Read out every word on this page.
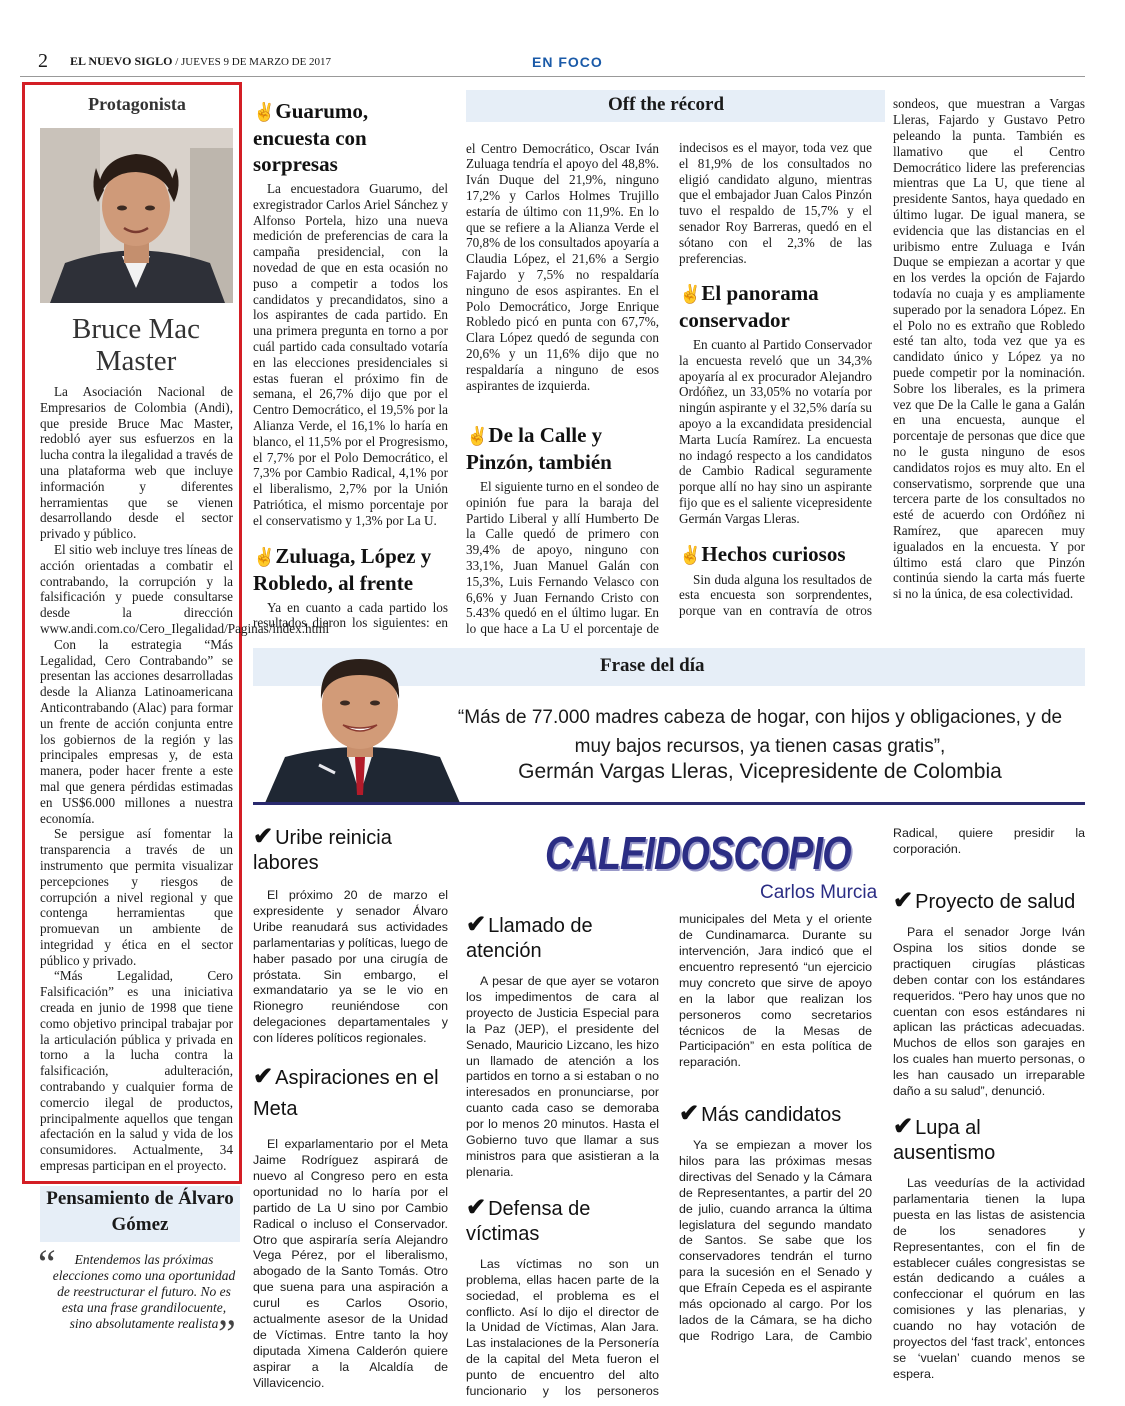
2 EL NUEVO SIGLO / JUEVES 9 DE MARZO DE 2017	EN FOCO
Protagonista
Bruce Mac Master

La Asociación Nacional de Empresarios de Colombia (Andi), que preside Bruce Mac Master, redobló ayer sus esfuerzos en la lucha contra la ilegalidad a través de una plataforma web que incluye información y diferentes herramientas que se vienen desarrollando desde el sector privado y público.

El sitio web incluye tres líneas de acción orientadas a combatir el contrabando, la corrupción y la falsificación y puede consultarse desde la dirección www.andi.com.co/Cero_Ilegalidad/Paginas/index.html

Con la estrategia “Más Legalidad, Cero Contrabando” se presentan las acciones desarrolladas desde la Alianza Latinoamericana Anticontrabando (Alac) para formar un frente de acción conjunta entre los gobiernos de la región y las principales empresas y, de esta manera, poder hacer frente a este mal que genera pérdidas estimadas en US$6.000 millones a nuestra economía.

Se persigue así fomentar la transparencia a través de un instrumento que permita visualizar percepciones y riesgos de corrupción a nivel regional y que contenga herramientas que promuevan un ambiente de integridad y ética en el sector público y privado.

“Más Legalidad, Cero Falsificación” es una iniciativa creada en junio de 1998 que tiene como objetivo principal trabajar por la articulación pública y privada en torno a la lucha contra la falsificación, adulteración, contrabando y cualquier forma de comercio ilegal de productos, principalmente aquellos que tengan afectación en la salud y vida de los consumidores. Actualmente, 34 empresas participan en el proyecto.

Pensamiento de Álvaro Gómez
“	Entendemos las próximas elecciones como una oportunidad de reestructurar el futuro. No es esta una frase grandilocuente, sino absolutamente realista ”
Off the récord
✌Guarumo, encuesta con sorpresas

La encuestadora Guarumo, del exregistrador Carlos Ariel Sánchez y Alfonso Portela, hizo una nueva medición de preferencias de cara la campaña presidencial, con la novedad de que en esta ocasión no puso a competir a todos los candidatos y precandidatos, sino a los aspirantes de cada partido. En una primera pregunta en torno a por cuál partido cada consultado votaría en las elecciones presidenciales si estas fueran el próximo fin de semana, el 26,7% dijo que por el Centro Democrático, el 19,5% por la Alianza Verde, el 16,1% lo haría en blanco, el 11,5% por el Progresismo, el 7,7% por el Polo Democrático, el 7,3% por Cambio Radical, 4,1% por el liberalismo, 2,7% por la Unión Patriótica, el mismo porcentaje por el conservatismo y 1,3% por La U.

✌Zuluaga, López y Robledo, al frente

Ya en cuanto a cada partido los resultados dieron los siguientes: en

el Centro Democrático, Oscar Iván Zuluaga tendría el apoyo del 48,8%. Iván Duque del 21,9%, ninguno 17,2% y Carlos Holmes Trujillo estaría de último con 11,9%. En lo que se refiere a la Alianza Verde el 70,8% de los consultados apoyaría a Claudia López, el 21,6% a Sergio Fajardo y 7,5% no respaldaría ninguno de esos aspirantes. En el Polo Democrático, Jorge Enrique Robledo picó en punta con 67,7%, Clara López quedó de segunda con 20,6% y un 11,6% dijo que no respaldaría a ninguno de esos aspirantes de izquierda.
✌De la Calle y Pinzón, también

El siguiente turno en el sondeo de opinión fue para la baraja del Partido Liberal y allí Humberto De la Calle quedó de primero con 39,4% de apoyo, ninguno con 33,1%, Juan Manuel Galán con 15,3%, Luis Fernando Velasco con 6,6% y Juan Fernando Cristo con 5.43% quedó en el último lugar. En lo que hace a La U el porcentaje de

indecisos es el mayor, toda vez que el 81,9% de los consultados no eligió candidato alguno, mientras que el embajador Juan Calos Pinzón tuvo el respaldo de 15,7% y el senador Roy Barreras, quedó en el sótano con el 2,3% de las preferencias.
✌El panorama conservador

En cuanto al Partido Conservador la encuesta reveló que un 34,3% apoyaría al ex procurador Alejandro Ordóñez, un 33,05% no votaría por ningún aspirante y el 32,5% daría su apoyo a la excandidata presidencial Marta Lucía Ramírez. La encuesta no indagó respecto a los candidatos de Cambio Radical seguramente porque allí no hay sino un aspirante fijo que es el saliente vicepresidente Germán Vargas Lleras.

✌Hechos curiosos

Sin duda alguna los resultados de esta encuesta son sorprendentes, porque van en contravía de otros

sondeos, que muestran a Vargas Lleras, Fajardo y Gustavo Petro peleando la punta. También es llamativo que el Centro Democrático lidere las preferencias mientras que La U, que tiene al presidente Santos, haya quedado en último lugar. De igual manera, se evidencia que las distancias en el uribismo entre Zuluaga e Iván Duque se empiezan a acortar y que en los verdes la opción de Fajardo todavía no cuaja y es ampliamente superado por la senadora López. En el Polo no es extraño que Robledo esté tan alto, toda vez que ya es candidato único y López ya no puede competir por la nominación. Sobre los liberales, es la primera vez que De la Calle le gana a Galán en una encuesta, aunque el porcentaje de personas que dice que no le gusta ninguno de esos candidatos rojos es muy alto. En el conservatismo, sorprende que una tercera parte de los consultados no esté de acuerdo con Ordóñez ni Ramírez, que aparecen muy igualados en la encuesta. Y por último está claro que Pinzón continúa siendo la carta más fuerte si no la única, de esa colectividad.
Frase del día
“Más de 77.000 madres cabeza de hogar, con hijos y obligaciones, y de muy bajos recursos, ya tienen casas gratis”,
Germán Vargas Lleras, Vicepresidente de Colombia
CALEIDOSCOPIO
Carlos Murcia
✔ Uribe reinicia labores

El próximo 20 de marzo el expresidente y senador Álvaro Uribe reanudará sus actividades parlamentarias y políticas, luego de haber pasado por una cirugía de próstata. Sin embargo, el exmandatario ya se le vio en Rionegro reuniéndose con delegaciones departamentales y con líderes políticos regionales.

✔ Aspiraciones en el Meta

El exparlamentario por el Meta Jaime Rodríguez aspirará de nuevo al Congreso pero en esta oportunidad no lo haría por el partido de La U sino por Cambio Radical o incluso el Conservador. Otro que aspiraría sería Alejandro Vega Pérez, por el liberalismo, abogado de la Santo Tomás. Otro que suena para una aspiración a curul es Carlos Osorio, actualmente asesor de la Unidad de Víctimas. Entre tanto la hoy diputada Ximena Calderón quiere aspirar a la Alcaldía de Villavicencio.

✔ Llamado de atención

A pesar de que ayer se votaron los impedimentos de cara al proyecto de Justicia Especial para la Paz (JEP), el presidente del Senado, Mauricio Lizcano, les hizo un llamado de atención a los partidos en torno a si estaban o no interesados en pronunciarse, por cuanto cada caso se demoraba por lo menos 20 minutos. Hasta el Gobierno tuvo que llamar a sus ministros para que asistieran a la plenaria.

✔ Defensa de víctimas

Las víctimas no son un problema, ellas hacen parte de la sociedad, el problema es el conflicto. Así lo dijo el director de la Unidad de Víctimas, Alan Jara. Las instalaciones de la Personería de la capital del Meta fueron el punto de encuentro del alto funcionario y los personeros

municipales del Meta y el oriente de Cundinamarca. Durante su intervención, Jara indicó que el encuentro representó “un ejercicio muy concreto que sirve de apoyo en la labor que realizan los personeros como secretarios técnicos de la Mesas de Participación” en esta política de reparación.
✔ Más candidatos

Ya se empiezan a mover los hilos para las próximas mesas directivas del Senado y la Cámara de Representantes, a partir del 20 de julio, cuando arranca la última legislatura del segundo mandato de Santos. Se sabe que los conservadores tendrán el turno para la sucesión en el Senado y que Efraín Cepeda es el aspirante más opcionado al cargo. Por los lados de la Cámara, se ha dicho que Rodrigo Lara, de Cambio

Radical, quiere presidir la corporación.
✔ Proyecto de salud

Para el senador Jorge Iván Ospina los sitios donde se practiquen cirugías plásticas deben contar con los estándares requeridos. “Pero hay unos que no cuentan con esos estándares ni aplican las prácticas adecuadas. Muchos de ellos son garajes en los cuales han muerto personas, o les han causado un irreparable daño a su salud”, denunció.

✔ Lupa al ausentismo

Las veedurías de la actividad parlamentaria tienen la lupa puesta en las listas de asistencia de los senadores y Representantes, con el fin de establecer cuáles congresistas se están dedicando a cuáles a confeccionar el quórum en las comisiones y las plenarias, y cuando no hay votación de proyectos del ‘fast track’, entonces se ‘vuelan’ cuando menos se espera.
